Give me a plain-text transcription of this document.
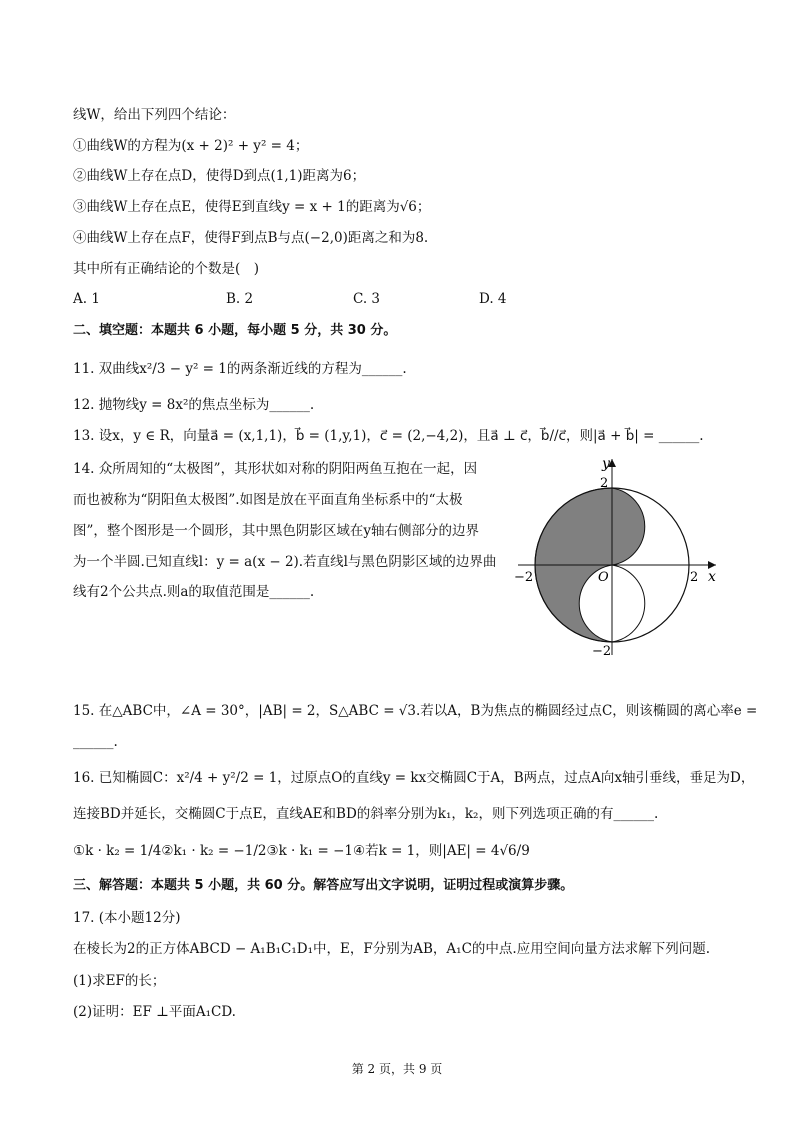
线W，给出下列四个结论：
①曲线W的方程为(x + 2)² + y² = 4；
②曲线W上存在点D，使得D到点(1,1)距离为6；
③曲线W上存在点E，使得E到直线y = x + 1的距离为√6；
④曲线W上存在点F，使得F到点B与点(−2,0)距离之和为8.
其中所有正确结论的个数是(　)
A. 1	B. 2	C. 3	D. 4
二、填空题：本题共 6 小题，每小题 5 分，共 30 分。
11. 双曲线x²/3 − y² = 1的两条渐近线的方程为______.
12. 抛物线y = 8x²的焦点坐标为______.
13. 设x，y ∈ R，向量a⃗ = (x,1,1)，b⃗ = (1,y,1)，c⃗ = (2,−4,2)，且a⃗ ⊥ c⃗，b⃗//c⃗，则|a⃗ + b⃗| = ______.
14. 众所周知的“太极图”，其形状如对称的阴阳两鱼互抱在一起，因
而也被称为“阴阳鱼太极图”.如图是放在平面直角坐标系中的“太极
图”，整个图形是一个圆形，其中黑色阴影区域在y轴右侧部分的边界
为一个半圆.已知直线l：y = a(x − 2).若直线l与黑色阴影区域的边界曲
线有2个公共点.则a的取值范围是______.
y
x
O
2
−2
2
−2
15. 在△ABC中，∠A = 30°，|AB| = 2，S△ABC = √3.若以A，B为焦点的椭圆经过点C，则该椭圆的离心率e =
______.
16. 已知椭圆C：x²/4 + y²/2 = 1，过原点O的直线y = kx交椭圆C于A，B两点，过点A向x轴引垂线，垂足为D，
连接BD并延长，交椭圆C于点E，直线AE和BD的斜率分别为k₁，k₂，则下列选项正确的有______.
①k · k₂ = 1/4②k₁ · k₂ = −1/2③k · k₁ = −1④若k = 1，则|AE| = 4√6/9
三、解答题：本题共 5 小题，共 60 分。解答应写出文字说明，证明过程或演算步骤。
17. (本小题12分)
在棱长为2的正方体ABCD − A₁B₁C₁D₁中，E，F分别为AB，A₁C的中点.应用空间向量方法求解下列问题.
(1)求EF的长；
(2)证明：EF ⊥平面A₁CD.
第 2 页，共 9 页
